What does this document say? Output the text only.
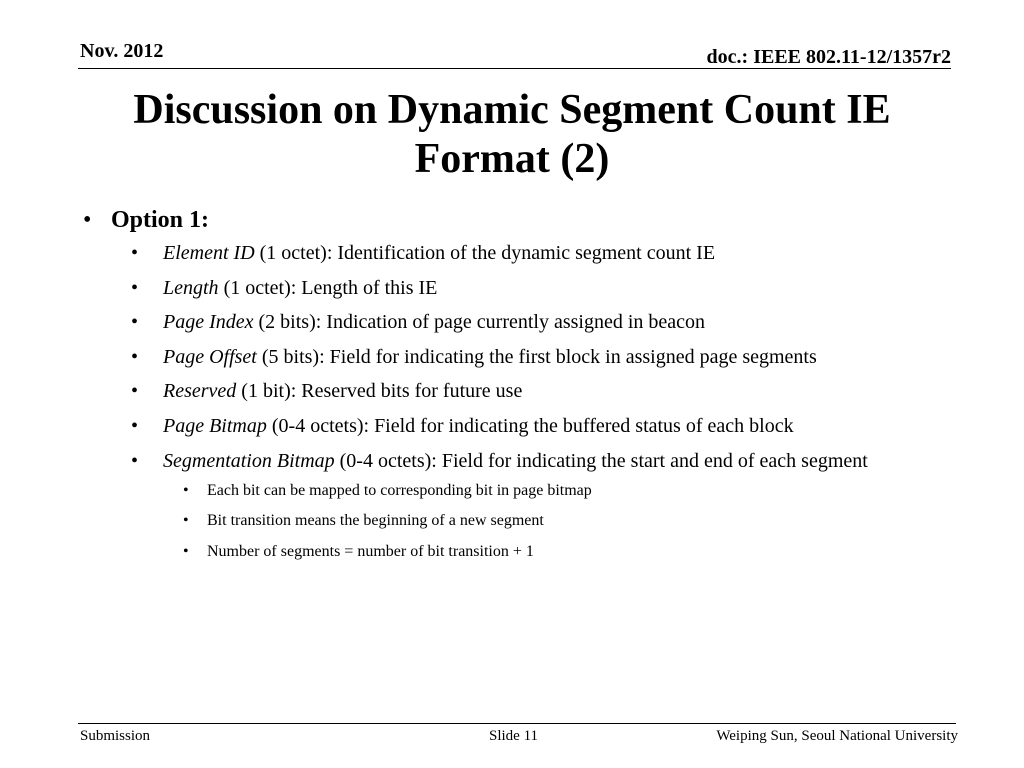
Nov. 2012	doc.: IEEE 802.11-12/1357r2
Discussion on Dynamic Segment Count IE
Format (2)
• Option 1:
• Element ID (1 octet): Identification of the dynamic segment count IE
• Length (1 octet): Length of this IE
• Page Index (2 bits): Indication of page currently assigned in beacon
• Page Offset (5 bits): Field for indicating the first block in assigned page segments
• Reserved (1 bit): Reserved bits for future use
• Page Bitmap (0-4 octets): Field for indicating the buffered status of each block
• Segmentation Bitmap (0-4 octets): Field for indicating the start and end of each segment
• Each bit can be mapped to corresponding bit in page bitmap
• Bit transition means the beginning of a new segment
• Number of segments = number of bit transition + 1
Submission	Slide 11	Weiping Sun, Seoul National University
